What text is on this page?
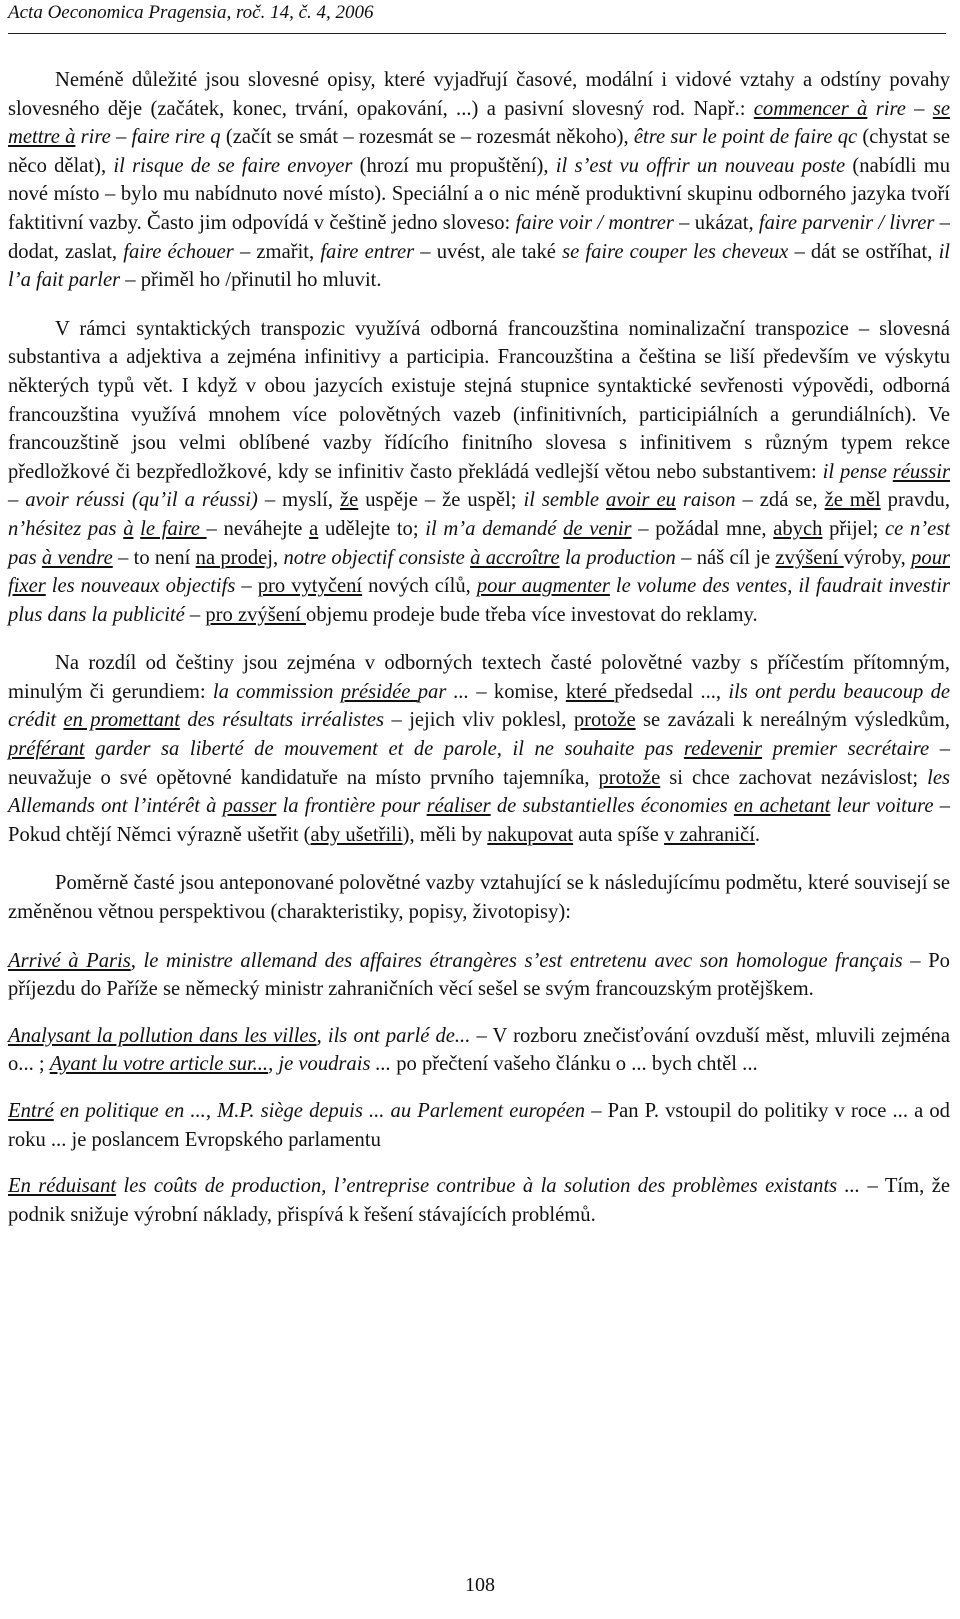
Acta Oeconomica Pragensia, roč. 14, č. 4, 2006

Neméně důležité jsou slovesné opisy, které vyjadřují časové, modální i vidové vztahy a odstíny povahy slovesného děje (začátek, konec, trvání, opakování, ...) a pasivní slovesný rod. Např.: commencer à rire – se mettre à rire – faire rire q (začít se smát – rozesmát se – rozesmát někoho), être sur le point de faire qc (chystat se něco dělat), il risque de se faire envoyer (hrozí mu propuštění), il s’est vu offrir un nouveau poste (nabídli mu nové místo – bylo mu nabídnuto nové místo). Speciální a o nic méně produktivní skupinu odborného jazyka tvoří faktitivní vazby. Často jim odpovídá v češtině jedno sloveso: faire voir / montrer – ukázat, faire parvenir / livrer – dodat, zaslat, faire échouer – zmařit, faire entrer – uvést, ale také se faire couper les cheveux – dát se ostříhat, il l’a fait parler – přiměl ho /přinutil ho mluvit.

V rámci syntaktických transpozic využívá odborná francouzština nominalizační transpozice – slovesná substantiva a adjektiva a zejména infinitivy a participia. Francouzština a čeština se liší především ve výskytu některých typů vět. I když v obou jazycích existuje stejná stupnice syntaktické sevřenosti výpovědi, odborná francouzština využívá mnohem více polovětných vazeb (infinitivních, participiálních a gerundiálních). Ve francouzštině jsou velmi oblíbené vazby řídícího finitního slovesa s infinitivem s různým typem rekce předložkové či bezpředložkové, kdy se infinitiv často překládá vedlejší větou nebo substantivem: il pense réussir – avoir réussi (qu’il a réussi) – myslí, že uspěje – že uspěl; il semble avoir eu raison – zdá se, že měl pravdu, n’hésitez pas à le faire – neváhejte a udělejte to; il m’a demandé de venir – požádal mne, abych přijel; ce n’est pas à vendre – to není na prodej, notre objectif consiste à accroître la production – náš cíl je zvýšení výroby, pour fixer les nouveaux objectifs – pro vytyčení nových cílů, pour augmenter le volume des ventes, il faudrait investir plus dans la publicité – pro zvýšení objemu prodeje bude třeba více investovat do reklamy.

Na rozdíl od češtiny jsou zejména v odborných textech časté polovětné vazby s příčestím přítomným, minulým či gerundiem: la commission présidée par ... – komise, které předsedal ..., ils ont perdu beaucoup de crédit en promettant des résultats irréalistes – jejich vliv poklesl, protože se zavázali k nereálným výsledkům, préférant garder sa liberté de mouvement et de parole, il ne souhaite pas redevenir premier secrétaire – neuvažuje o své opětovné kandidatuře na místo prvního tajemníka, protože si chce zachovat nezávislost; les Allemands ont l’intérêt à passer la frontière pour réaliser de substantielles économies en achetant leur voiture – Pokud chtějí Němci výrazně ušetřit (aby ušetřili), měli by nakupovat auta spíše v zahraničí.

Poměrně časté jsou anteponované polovětné vazby vztahující se k následujícímu podmětu, které souvisejí se změněnou větnou perspektivou (charakteristiky, popisy, životopisy):

Arrivé à Paris, le ministre allemand des affaires étrangères s’est entretenu avec son homologue français – Po příjezdu do Paříže se německý ministr zahraničních věcí sešel se svým francouzským protějškem.

Analysant la pollution dans les villes, ils ont parlé de... – V rozboru znečisťování ovzduší měst, mluvili zejména o... ; Ayant lu votre article sur..., je voudrais ... po přečtení vašeho článku o ... bych chtěl ...

Entré en politique en ..., M.P. siège depuis ... au Parlement européen – Pan P. vstoupil do politiky v roce ... a od roku ... je poslancem Evropského parlamentu

En réduisant les coûts de production, l’entreprise contribue à la solution des problèmes existants ... – Tím, že podnik snižuje výrobní náklady, přispívá k řešení stávajících problémů.

108
